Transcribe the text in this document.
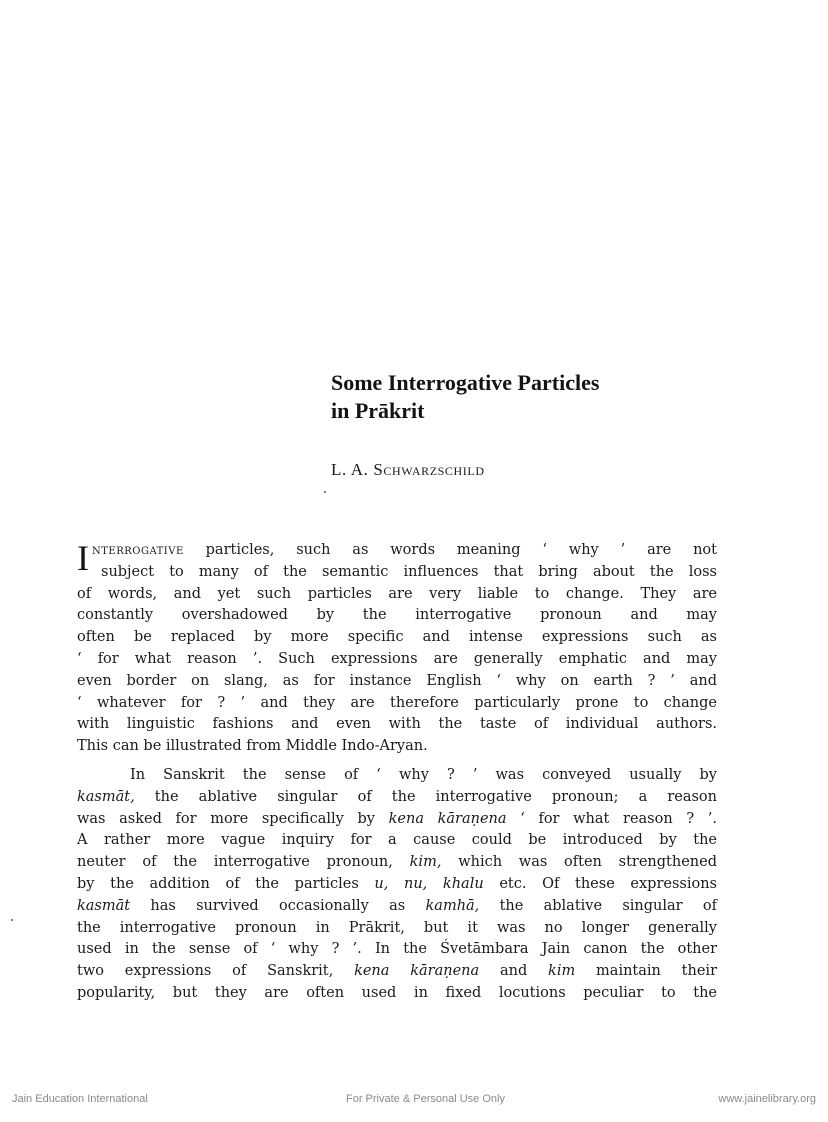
Some Interrogative Particles
in Prākrit
L. A. Schwarzschild
I nterrogative particles, such as words meaning ‘ why ’ are not
subject to many of the semantic influences that bring about the loss
of words, and yet such particles are very liable to change. They are
constantly overshadowed by the interrogative pronoun and may
often be replaced by more specific and intense expressions such as
‘ for what reason ’. Such expressions are generally emphatic and may
even border on slang, as for instance English ‘ why on earth ? ’ and
‘ whatever for ? ’ and they are therefore particularly prone to change
with linguistic fashions and even with the taste of individual authors.
This can be illustrated from Middle Indo-Aryan.
In Sanskrit the sense of ‘ why ? ’ was conveyed usually by
kasmāt, the ablative singular of the interrogative pronoun; a reason
was asked for more specifically by kena kāraṇena ‘ for what reason ? ’.
A rather more vague inquiry for a cause could be introduced by the
neuter of the interrogative pronoun, kim, which was often strengthened
by the addition of the particles u, nu, khalu etc. Of these expressions
kasmāt has survived occasionally as kamhā, the ablative singular of
the interrogative pronoun in Prākrit, but it was no longer generally
used in the sense of ‘ why ? ’. In the Śvetāmbara Jain canon the other
two expressions of Sanskrit, kena kāraṇena and kim maintain their
popularity, but they are often used in fixed locutions peculiar to the
Jain Education International	For Private & Personal Use Only	www.jainelibrary.org
